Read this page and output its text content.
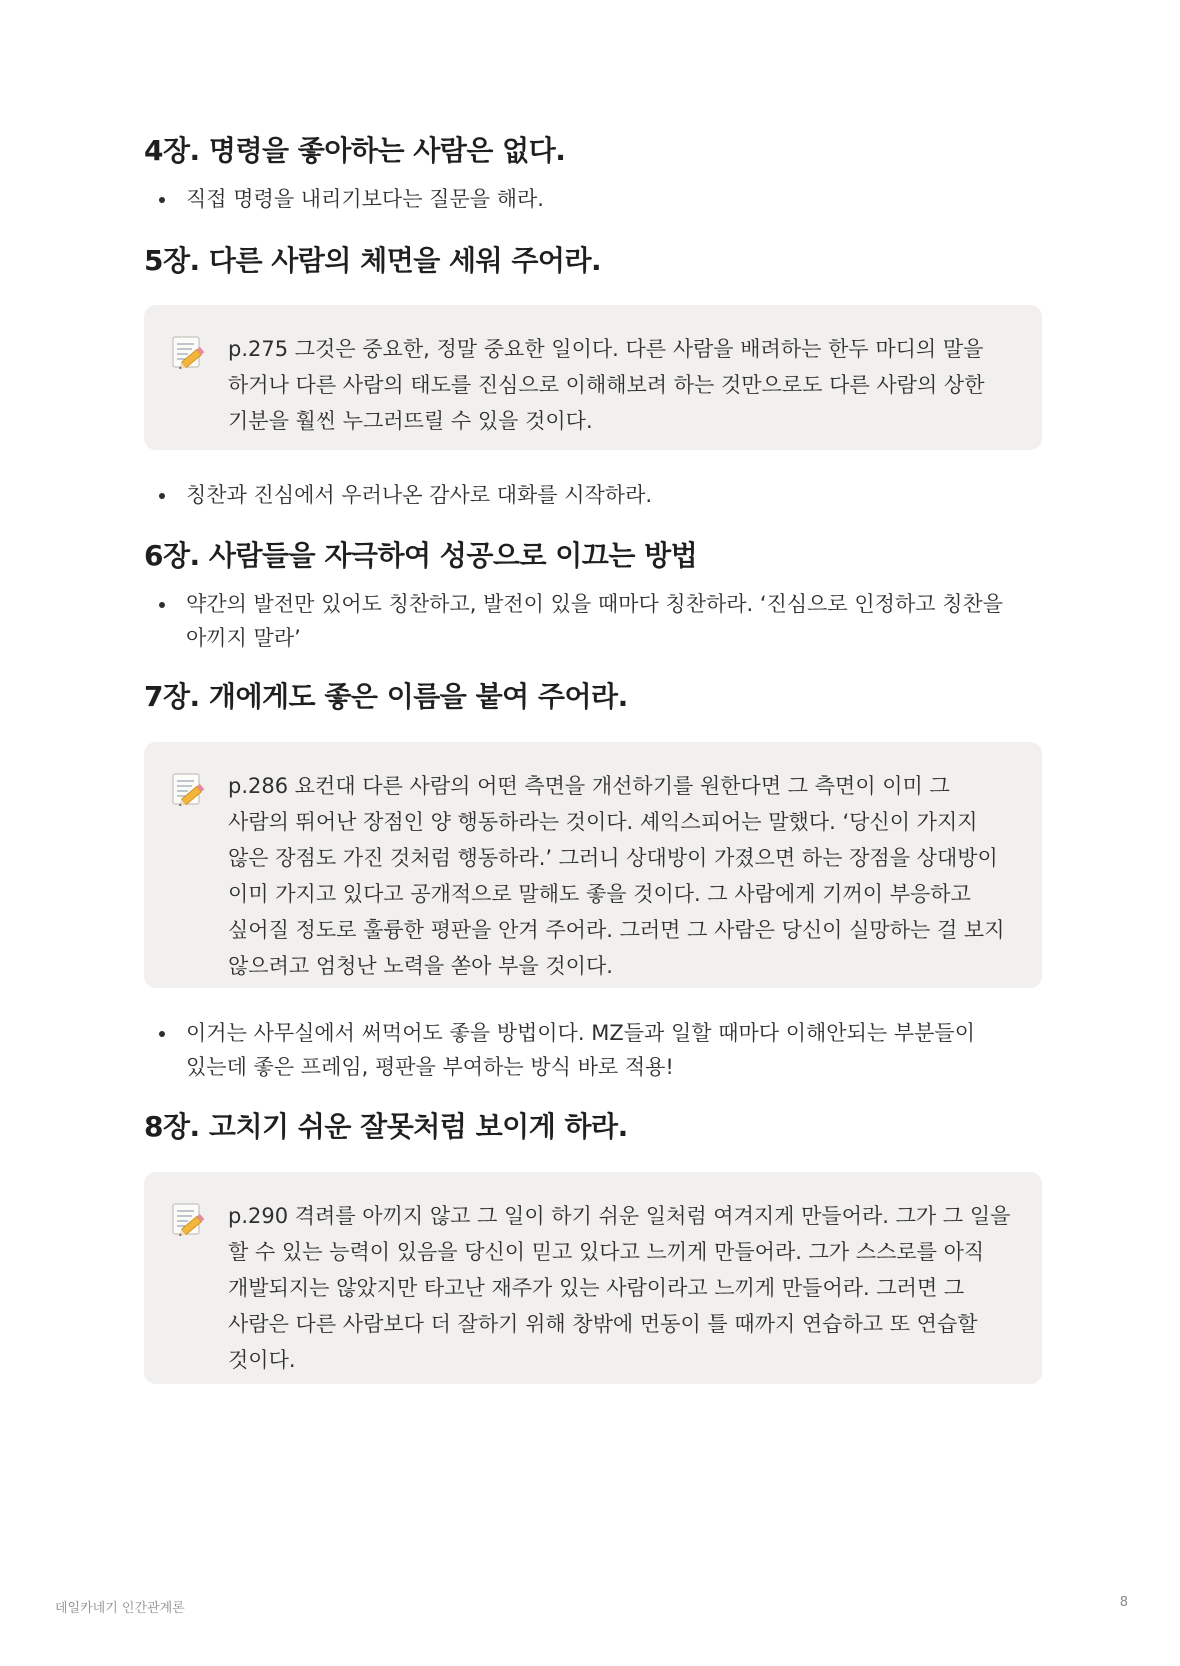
4장. 명령을 좋아하는 사람은 없다.
직접 명령을 내리기보다는 질문을 해라.
5장. 다른 사람의 체면을 세워 주어라.
p.275 그것은 중요한, 정말 중요한 일이다. 다른 사람을 배려하는 한두 마디의 말을 하거나 다른 사람의 태도를 진심으로 이해해보려 하는 것만으로도 다른 사람의 상한 기분을 훨씬 누그러뜨릴 수 있을 것이다.
칭찬과 진심에서 우러나온 감사로 대화를 시작하라.
6장. 사람들을 자극하여 성공으로 이끄는 방법
약간의 발전만 있어도 칭찬하고, 발전이 있을 때마다 칭찬하라. ‘진심으로 인정하고 칭찬을 아끼지 말라’
7장. 개에게도 좋은 이름을 붙여 주어라.
p.286 요컨대 다른 사람의 어떤 측면을 개선하기를 원한다면 그 측면이 이미 그 사람의 뛰어난 장점인 양 행동하라는 것이다. 셰익스피어는 말했다. ‘당신이 가지지 않은 장점도 가진 것처럼 행동하라.’ 그러니 상대방이 가졌으면 하는 장점을 상대방이 이미 가지고 있다고 공개적으로 말해도 좋을 것이다. 그 사람에게 기꺼이 부응하고 싶어질 정도로 훌륭한 평판을 안겨 주어라. 그러면 그 사람은 당신이 실망하는 걸 보지 않으려고 엄청난 노력을 쏟아 부을 것이다.
이거는 사무실에서 써먹어도 좋을 방법이다. MZ들과 일할 때마다 이해안되는 부분들이 있는데 좋은 프레임, 평판을 부여하는 방식 바로 적용!
8장. 고치기 쉬운 잘못처럼 보이게 하라.
p.290 격려를 아끼지 않고 그 일이 하기 쉬운 일처럼 여겨지게 만들어라. 그가 그 일을 할 수 있는 능력이 있음을 당신이 믿고 있다고 느끼게 만들어라. 그가 스스로를 아직 개발되지는 않았지만 타고난 재주가 있는 사람이라고 느끼게 만들어라. 그러면 그 사람은 다른 사람보다 더 잘하기 위해 창밖에 먼동이 틀 때까지 연습하고 또 연습할 것이다.
데일카네기 인간관계론	8
